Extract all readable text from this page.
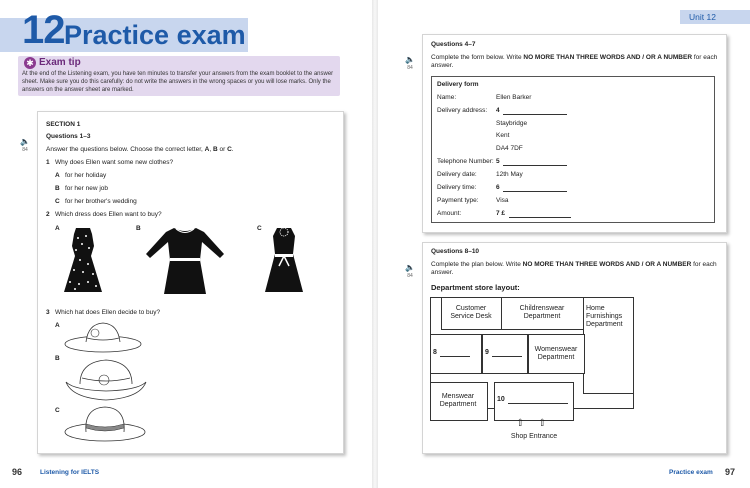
Unit 12
12 Practice exam
✱ Exam tip
At the end of the Listening exam, you have ten minutes to transfer your answers from the exam booklet to the answer sheet. Make sure you do this carefully: do not write the answers in the wrong spaces or you will lose marks. Only the answers on the answer sheet are marked.
🔈
84
SECTION 1
Questions 1–3
Answer the questions below. Choose the correct letter, A, B or C.
1 Why does Ellen want some new clothes?
A for her holiday
B for her new job
C for her brother's wedding
2 Which dress does Ellen want to buy?
A	B	C
3 Which hat does Ellen decide to buy?
A
B
C
🔈
84
Questions 4–7
Complete the form below. Write NO MORE THAN THREE WORDS AND / OR A NUMBER for each answer.
Delivery form
Name:	Ellen Barker
Delivery address: 4
Staybridge
Kent
DA4 7DF
Telephone Number: 5
Delivery date:	12th May
Delivery time:	6
Payment type:	Visa
Amount:	7 £
🔈
84
Questions 8–10
Complete the plan below. Write NO MORE THAN THREE WORDS AND / OR A NUMBER for each answer.
Department store layout:
Customer Service Desk
Childrenswear Department
Home Furnishings Department
8	9	Womenswear Department
Menswear Department
10
⇧ ⇧
Shop Entrance
96	Listening for IELTS	Practice exam 97
